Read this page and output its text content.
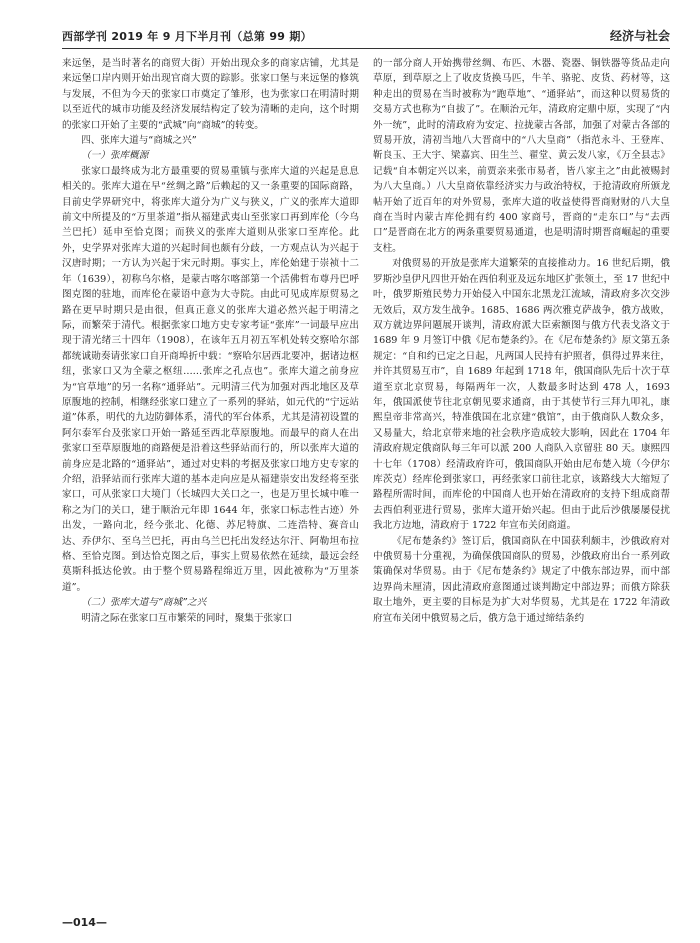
西部学刊 2019 年 9 月下半月刊（总第 99 期）	经济与社会

来远堡，是当时著名的商贸大街）开始出现众多的商家店铺，尤其是来远堡口岸内则开始出现官商大贾的踪影。张家口堡与来远堡的修筑与发展，不但为今天的张家口市奠定了雏形，也为张家口在明清时期以至近代的城市功能及经济发展结构定了较为清晰的走向，这个时期的张家口开始了主要的“武城”向“商城”的转变。

四、张库大道与“商城之兴”
（一）张库概源

张家口最终成为北方最重要的贸易重镇与张库大道的兴起是息息相关的。张库大道在早“丝绸之路”后赖起的又一条重要的国际商路，目前史学界研究中，将张库大道分为广义与狭义，广义的张库大道即前文中所提及的“万里茶道”指从福建武夷山至张家口再到库伦（今乌兰巴托）延申至恰克图；而狭义的张库大道则从张家口至库伦。此外，史学界对张库大道的兴起时间也颇有分歧，一方观点认为兴起于汉唐时期；一方认为兴起于宋元时期。事实上，库伦始建于崇祯十二年（1639），初称乌尔格，是蒙古喀尔喀部第一个活佛哲布尊丹巴呼图克图的驻地，而库伦在蒙语中意为大寺院。由此可见成库原贸易之路在更早时期只是由很，但真正意义的张库大道必然兴起于明清之际，而繁荣于清代。根据张家口地方史专家考证“张库”一词最早应出现于清光绪三十四年（1908），在该年五月初五军机处转交察哈尔部都统诚勋奏请张家口自开商埠折中载：“察哈尔居西北要冲，据诸边枢纽，张家口又为全蒙之枢纽……张库之孔点也”。张库大道之前身应为“官草地”的另一名称“通驿站”。元明清三代为加强对西北地区及草原腹地的控制，相继经张家口建立了一系列的驿站，如元代的“宁远站道”体系，明代的九边防御体系，清代的军台体系，尤其是清初设置的阿尔泰军台及张家口开始一路延至西北草原腹地。而最早的商人在出张家口至草原腹地的商路便是沿着这些驿站而行的，所以张库大道的前身应是北路的“通驿站”，通过对史料的考据及张家口地方史专家的介绍，沿驿站而行张库大道的基本走向应是从福建崇安出发经将至张家口，可从张家口大境门（长城四大关口之一，也是万里长城中唯一称之为门的关口，建于顺治元年即 1644 年，张家口标志性古迹）外出发，一路向北，经今张北、化德、苏尼特旗、二连浩特、赛音山达、乔伊尔、至乌兰巴托，再由乌兰巴托出发经达尔汗、阿勒坦布拉格、至恰克图。到达恰克图之后，事实上贸易依然在延续，最远会经莫斯科抵达伦敦。由于整个贸易路程绵近万里，因此被称为“万里茶道”。

（二）张库大道与“商城”之兴

明清之际在张家口互市繁荣的同时，聚集于张家口

的一部分商人开始携带丝绸、布匹、木器、瓷器、铜铁器等货品走向草原，到草原之上了收皮货换马匹，牛羊、骆驼、皮货、药材等，这种走出的贸易在当时被称为“跑草地”、“通驿站”，而这种以贸易货的交易方式也称为“自拔了”。在顺治元年，清政府定鼎中原，实现了“内外一统”，此时的清政府为安定、拉拢蒙古各部，加强了对蒙古各部的贸易开放，清初当地八大晋商中的“八大皇商”（指范永斗、王登库、靳良玉、王大宇、梁嘉宾、田生兰、翟堂、黄云发八家，《万全县志》记载“自本朝定兴以来，前贾亲来张市易者，皆八家主之”由此被赐封为八大皇商。）八大皇商依靠经济实力与政治特权，于抢清政府所颁龙帖开始了近百年的对外贸易，张库大道的收益使得晋商财财的八大皇商在当时内蒙古库伦拥有约 400 家商号，晋商的“走东口”与“去西口”是晋商在北方的两条重要贸易通道，也是明清时期晋商崛起的重要支柱。

对俄贸易的开放是张库大道繁荣的直接推动力。16 世纪后期，俄罗斯沙皇伊凡四世开始在西伯利亚及远东地区扩张领土，至 17 世纪中叶，俄罗斯殖民势力开始侵入中国东北黑龙江流域，清政府多次交涉无效后，双方发生战争。1685、1686 两次雅克萨战争，俄方战败，双方就边界问题展开谈判，清政府派大臣索额图与俄方代表戈洛文于 1689 年 9 月签订中俄《尼布楚条约》。在《尼布楚条约》原文第五条规定：“自和约已定之日起，凡两国人民持有护照者，俱得过界来往，并许其贸易互市”，自 1689 年起到 1718 年，俄国商队先后十次于草道至京北京贸易，每隔两年一次，人数最多时达到 478 人，1693 年，俄国派使节往北京朝见要求通商，由于其使节行三拜九叩礼，康熙皇帝非常高兴，特准俄国在北京建“俄馆”，由于俄商队人数众多，又易量大，给北京带来地的社会秩序造成较大影响，因此在 1704 年清政府规定俄商队每三年可以派 200 人商队入京留驻 80 天。康熙四十七年（1708）经清政府许可，俄国商队开始由尼布楚入境（今伊尔库茨克）经库伦到张家口，再经张家口前往北京，该路线大大缩短了路程所需时间，而库伦的中国商人也开始在清政府的支持下组成商帮去西伯利亚进行贸易，张库大道开始兴起。但由于此后沙俄屡屡侵扰我北方边地，清政府于 1722 年宣布关闭商道。

《尼布楚条约》签订后，俄国商队在中国获利颇丰，沙俄政府对中俄贸易十分重视，为确保俄国商队的贸易，沙俄政府出台一系列政策确保对华贸易。由于《尼布楚条约》规定了中俄东部边界，而中部边界尚未厘清，因此清政府意图通过谈判勘定中部边界；而俄方除获取土地外，更主要的目标是为扩大对华贸易，尤其是在 1722 年清政府宣布关闭中俄贸易之后，俄方急于通过缔结条约

—014—
